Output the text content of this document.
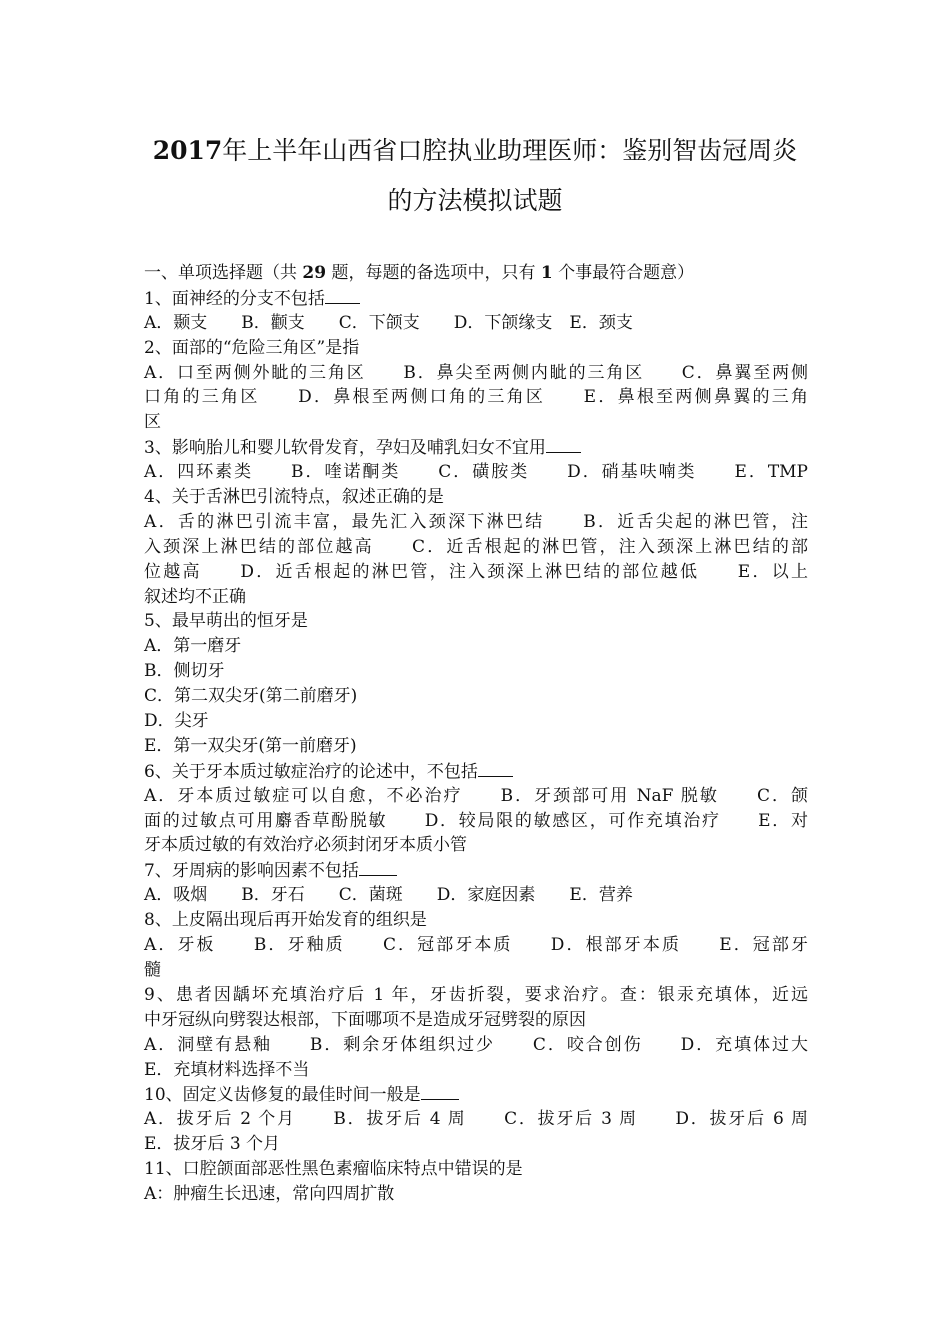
2017年上半年山西省口腔执业助理医师：鉴别智齿冠周炎
的方法模拟试题
一、单项选择题（共 29 题，每题的备选项中，只有 1 个事最符合题意）
1、面神经的分支不包括
A．颞支　　B．颧支　　C．下颌支　　D．下颌缘支　E．颈支
2、面部的“危险三角区”是指
A．口至两侧外眦的三角区　　B．鼻尖至两侧内眦的三角区　　C．鼻翼至两侧
口角的三角区　　D．鼻根至两侧口角的三角区　　E．鼻根至两侧鼻翼的三角
区
3、影响胎儿和婴儿软骨发育，孕妇及哺乳妇女不宜用
A．四环素类　　B．喹诺酮类　　C．磺胺类　　D．硝基呋喃类　　E．TMP
4、关于舌淋巴引流特点，叙述正确的是
A．舌的淋巴引流丰富，最先汇入颈深下淋巴结　　B．近舌尖起的淋巴管，注
入颈深上淋巴结的部位越高　　C．近舌根起的淋巴管，注入颈深上淋巴结的部
位越高　　D．近舌根起的淋巴管，注入颈深上淋巴结的部位越低　　E．以上
叙述均不正确
5、最早萌出的恒牙是
A．第一磨牙
B．侧切牙
C．第二双尖牙(第二前磨牙)
D．尖牙
E．第一双尖牙(第一前磨牙)
6、关于牙本质过敏症治疗的论述中，不包括
A．牙本质过敏症可以自愈，不必治疗　　B．牙颈部可用 NaF 脱敏　　C．颌
面的过敏点可用麝香草酚脱敏　　D．较局限的敏感区，可作充填治疗　　E．对
牙本质过敏的有效治疗必须封闭牙本质小管
7、牙周病的影响因素不包括
A．吸烟　　B．牙石　　C．菌斑　　D．家庭因素　　E．营养
8、上皮隔出现后再开始发育的组织是
A．牙板　　B．牙釉质　　C．冠部牙本质　　D．根部牙本质　　E．冠部牙
髓
9、患者因龋坏充填治疗后 1 年，牙齿折裂，要求治疗。查：银汞充填体，近远
中牙冠纵向劈裂达根部，下面哪项不是造成牙冠劈裂的原因
A．洞壁有悬釉　　B．剩余牙体组织过少　　C．咬合创伤　　D．充填体过大
E．充填材料选择不当
10、固定义齿修复的最佳时间一般是
A．拔牙后 2 个月　　B．拔牙后 4 周　　C．拔牙后 3 周　　D．拔牙后 6 周
E．拔牙后 3 个月
11、口腔颌面部恶性黑色素瘤临床特点中错误的是
A：肿瘤生长迅速，常向四周扩散
